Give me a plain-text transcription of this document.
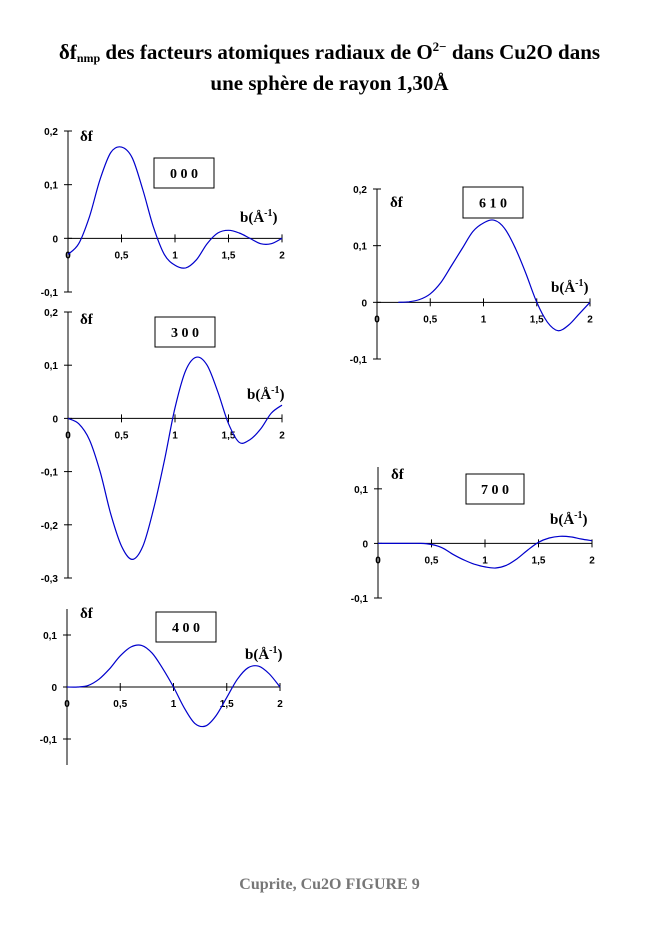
$\delta f_{nmp}$ des facteurs atomiques radiaux de $O^{2-}$ dans Cu2O dans
une sphère de rayon 1,30Å
-0,1
0
0,1
0,2
0	0,5	1	1,5	2
0 0 0
δf
$b(Å^{-1})$
-0,3
-0,2
-0,1
0
0,1
0,2
0	0,5	1	1,5	2
3 0 0
δf
$b(Å^{-1})$
-0,1
0
0,1
0	0,5	1	1,5	2
4 0 0
δf
$b(Å^{-1})$
-0,1
0
0,1
0,2
0	0,5	1	1,5	2
6 1 0
δf
$b(Å^{-1})$
-0,1
0
0,1
0	0,5	1	1,5	2
7 0 0
δf
$b(Å^{-1})$
Cuprite, Cu2O FIGURE 9
